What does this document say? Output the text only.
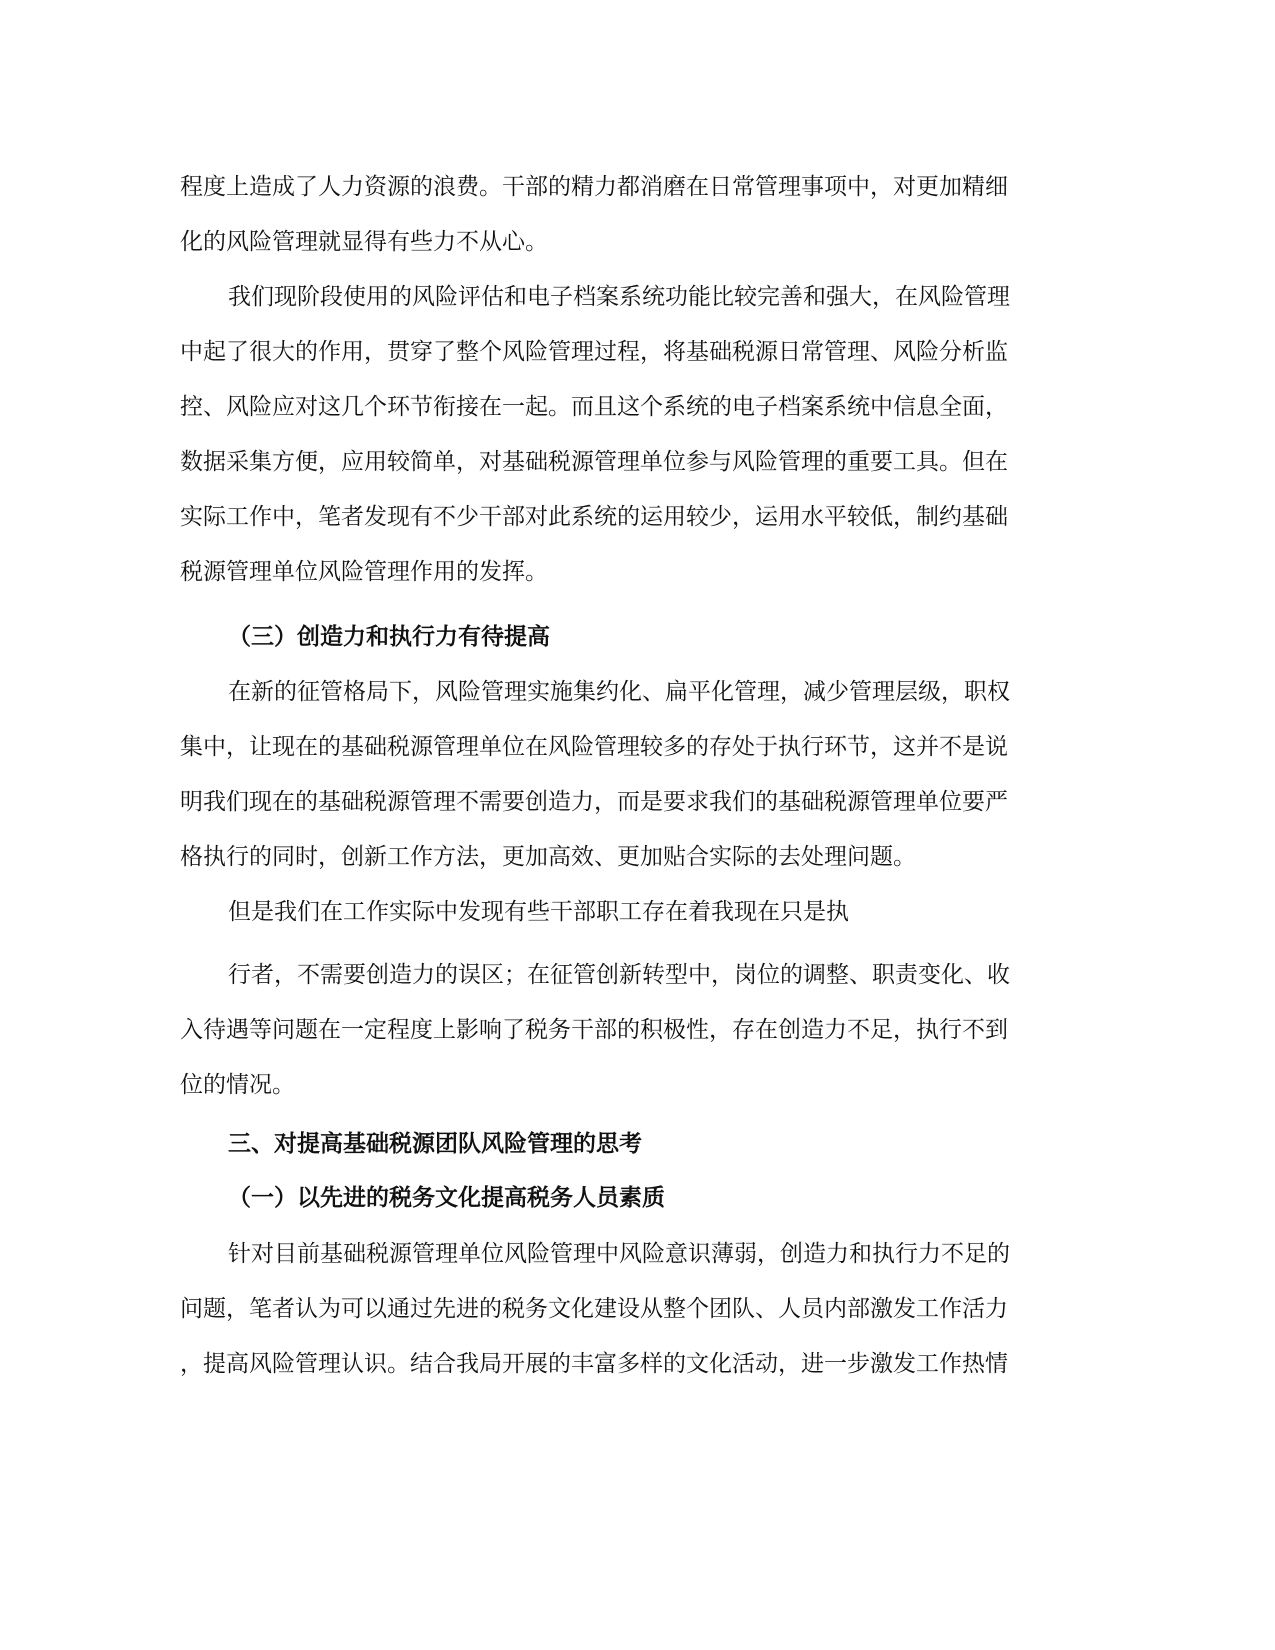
程度上造成了人力资源的浪费。干部的精力都消磨在日常管理事项中，对更加精细
化的风险管理就显得有些力不从心。
我们现阶段使用的风险评估和电子档案系统功能比较完善和强大，在风险管理
中起了很大的作用，贯穿了整个风险管理过程，将基础税源日常管理、风险分析监
控、风险应对这几个环节衔接在一起。而且这个系统的电子档案系统中信息全面，
数据采集方便，应用较简单，对基础税源管理单位参与风险管理的重要工具。但在
实际工作中，笔者发现有不少干部对此系统的运用较少，运用水平较低，制约基础
税源管理单位风险管理作用的发挥。
（三）创造力和执行力有待提高
在新的征管格局下，风险管理实施集约化、扁平化管理，减少管理层级，职权
集中，让现在的基础税源管理单位在风险管理较多的存处于执行环节，这并不是说
明我们现在的基础税源管理不需要创造力，而是要求我们的基础税源管理单位要严
格执行的同时，创新工作方法，更加高效、更加贴合实际的去处理问题。
但是我们在工作实际中发现有些干部职工存在着我现在只是执
行者，不需要创造力的误区；在征管创新转型中，岗位的调整、职责变化、收
入待遇等问题在一定程度上影响了税务干部的积极性，存在创造力不足，执行不到
位的情况。
三、对提高基础税源团队风险管理的思考
（一）以先进的税务文化提高税务人员素质
针对目前基础税源管理单位风险管理中风险意识薄弱，创造力和执行力不足的
问题，笔者认为可以通过先进的税务文化建设从整个团队、人员内部激发工作活力
，提高风险管理认识。结合我局开展的丰富多样的文化活动，进一步激发工作热情
